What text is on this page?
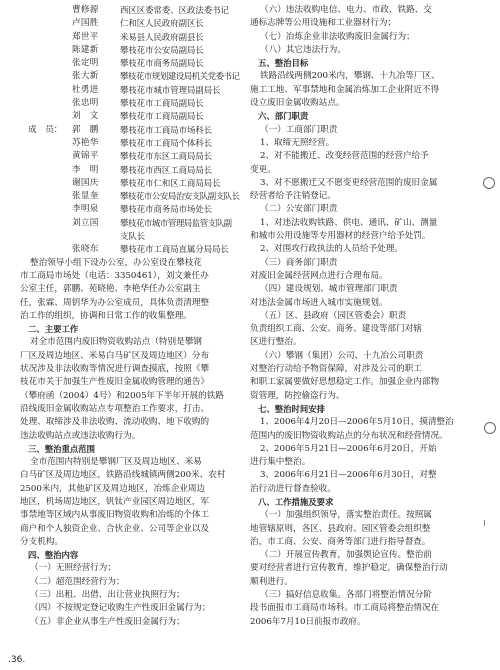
曹修源	西区区委常委、区政法委书记
卢国胜	仁和区人民政府副区长
郑世平	米易县人民政府副县长
陈建新	攀枝花市公安局副局长
张定明	攀枝花市商务局副局长
张大新	攀枝花市规划建设局机关党委书记
杜勇进	攀枝花市城市管理局副局长
张忠明	攀枝花市工商局副局长
刘　文	攀枝花市工商局副局长
成　员： 郭　鹏	攀枝花市工商局市场科长
苏艳华	攀枝花市工商局个体科长
黄锦平	攀枝花市东区工商局局长
李　明	攀枝花市西区工商局局长
谢国庆	攀枝花市仁和区工商局局长
张显奎	攀枝花市公安局治安支队副支队长
李明泉	攀枝花市商务局市场处长
刘立国	攀枝花市城市管理局监管支队副
支队长
张晓东	攀枝花市工商局直属分局局长
整治领导小组下设办公室，办公室设在攀枝花
市工商局市场处（电话：3350461），刘文兼任办
公室主任，郭鹏、苑晓艳、李艳华任办公室副主
任，张霖、周钥华为办公室成员，具体负责清理整
治工作的组织，协调和日常工作的收集整理。
二、主要工作
对全市范围内废旧物资收购站点（特别是攀钢
厂区及周边地区、米易白马矿区及周边地区）分布
状况涉及非法收购等情况进行调查摸底，按照《攀
枝花市关于加强生产性废旧金属收购管理的通告》
（攀府函（2004）4号）和2005年下半年开展的铁路
沿线废旧金属收购站点专项整治工作要求，打击、
处理、取缔涉及非法收购、流动收购、地下收购的
违法收购站点或违法收购行为。
三、整治重点范围
全市范围内特别是攀钢厂区及周边地区、米易
白马矿区及周边地区，铁路沿线城镇两侧200米、农村
2500米内，其他矿区及周边地区，冶炼企业周边
地区，机场周边地区，钒钛产业园区周边地区，军
事禁地等区域内从事废旧物资收购和冶炼的个体工
商户和个人独资企业、合伙企业、公司等企业以及
分支机构。
四、整治内容
（一）无照经营行为；
（二）超范围经营行为；
（三）出租、出借、出让营业执照行为；
（四）不按规定登记收购生产性废旧金属行为；
（五）非企业从事生产性废旧金属行为；
（六）违法收购电信、电力、市政、铁路、交
通标志牌等公用设施和工业器材行为；
（七）冶炼企业非法收购废旧金属行为；
（八）其它违法行为。
五、整治目标
铁路沿线两侧200米内，攀钢、十九冶等厂区、
施工工地、军事禁地和金属冶炼加工企业附近不得
设立废旧金属收购站点。
六、部门职责
（一）工商部门职责
1、取缔无照经营。
2、对不能搬迁、改变经营范围的经营户给予
变更。
3、对不愿搬迁又不愿变更经营范围的废旧金属
经营者给予注销登记。
（二）公安部门职责
1、对违法收购铁路、供电、通讯、矿山、测量
和城市公用设施等专用器材的经营户给予处罚。
2、对围攻行政执法的人员给予处理。
（三）商务部门职责
对废旧金属经营网点进行合理布局。
（四）建设规划、城市管理部门职责
对违法金属市场进入城市实施规划。
（五）区、县政府（园区管委会）职责
负责组织工商、公安、商务、建设等部门对辖
区进行整治。
（六）攀钢（集团）公司、十九冶公司职责
对整治行动给予物资保障，对涉及公司的职工
和职工家属要做好思想稳定工作。加强企业内部物
资管理，防控偷盗行为。
七、整治时间安排
1、2006年4月20日—2006年5月10日，摸清整治
范围内的废旧物资收购站点的分布状况和经营情况。
2、2006年5月21日—2006年6月20日，开始
进行集中整治。
3、2006年6月21日—2006年6月30日，对整
治行动进行督查验收。
八、工作措施及要求
（一）加强组织领导，落实整治责任。按照属
地管辖原则，各区、县政府、园区管委会组织整
治，市工商、公安、商务等部门进行指导督查。
（二）开展宣传教育，加强舆论宣传。整治前
要对经营者进行宣传教育，维护稳定，确保整治行动
顺利进行。
（三）搞好信息收集。各部门将整治情况分阶
段书面报市工商局市场科。市工商局将整治情况在
2006年7月10日前报市政府。
.36.
